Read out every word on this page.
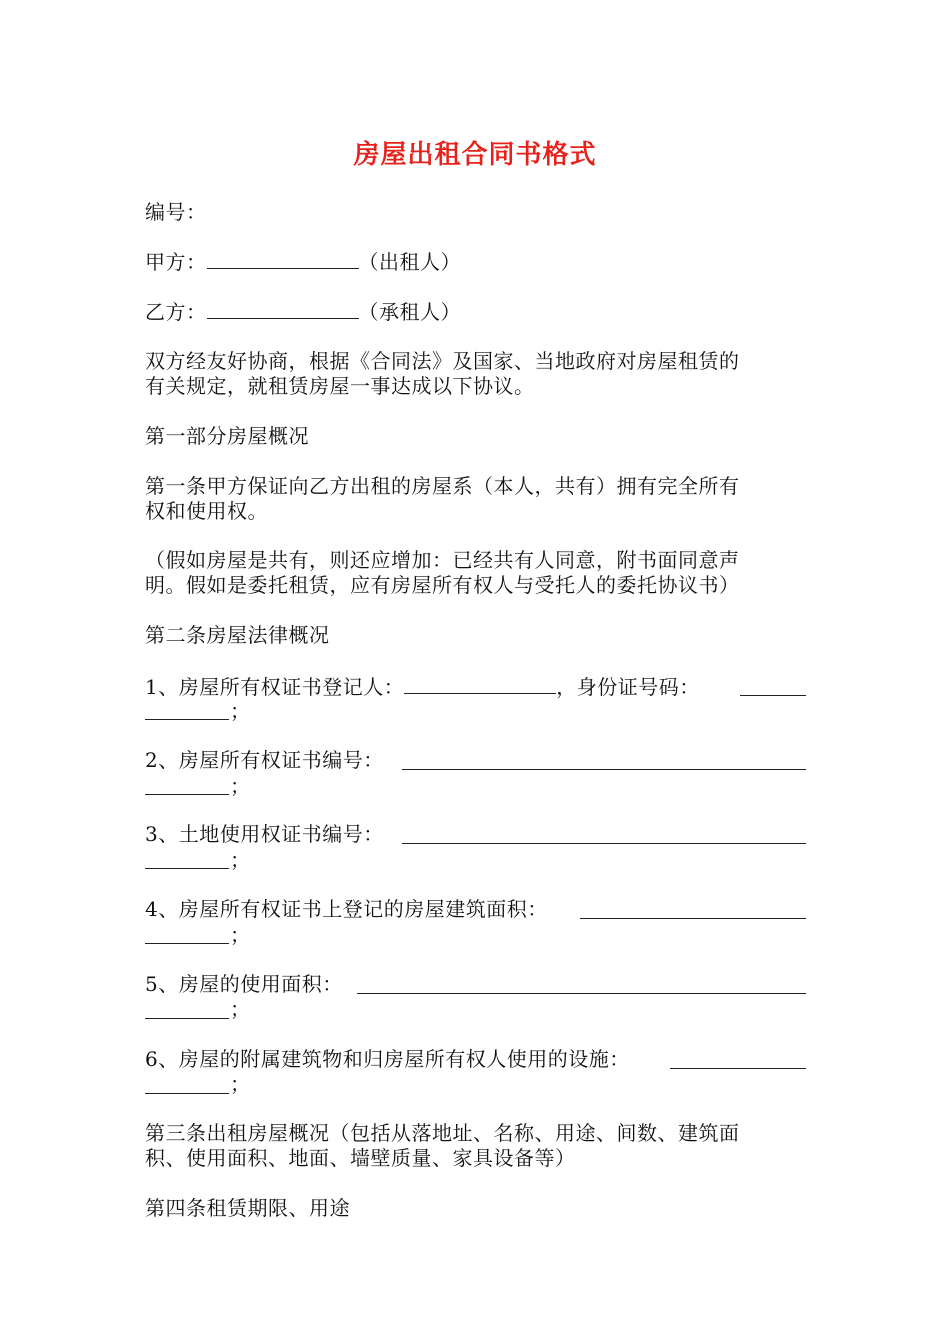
房屋出租合同书格式
编号：
甲方：	（出租人）
乙方：	（承租人）
双方经友好协商，根据《合同法》及国家、当地政府对房屋租赁的
有关规定，就租赁房屋一事达成以下协议。
第一部分房屋概况
第一条甲方保证向乙方出租的房屋系（本人，共有）拥有完全所有
权和使用权。
（假如房屋是共有，则还应增加：已经共有人同意，附书面同意声
明。假如是委托租赁，应有房屋所有权人与受托人的委托协议书）
第二条房屋法律概况
1、房屋所有权证书登记人：	，身份证号码：
；
2、房屋所有权证书编号：
；
3、土地使用权证书编号：
；
4、房屋所有权证书上登记的房屋建筑面积：
；
5、房屋的使用面积：
；
6、房屋的附属建筑物和归房屋所有权人使用的设施：
；
第三条出租房屋概况（包括从落地址、名称、用途、间数、建筑面
积、使用面积、地面、墙壁质量、家具设备等）
第四条租赁期限、用途
